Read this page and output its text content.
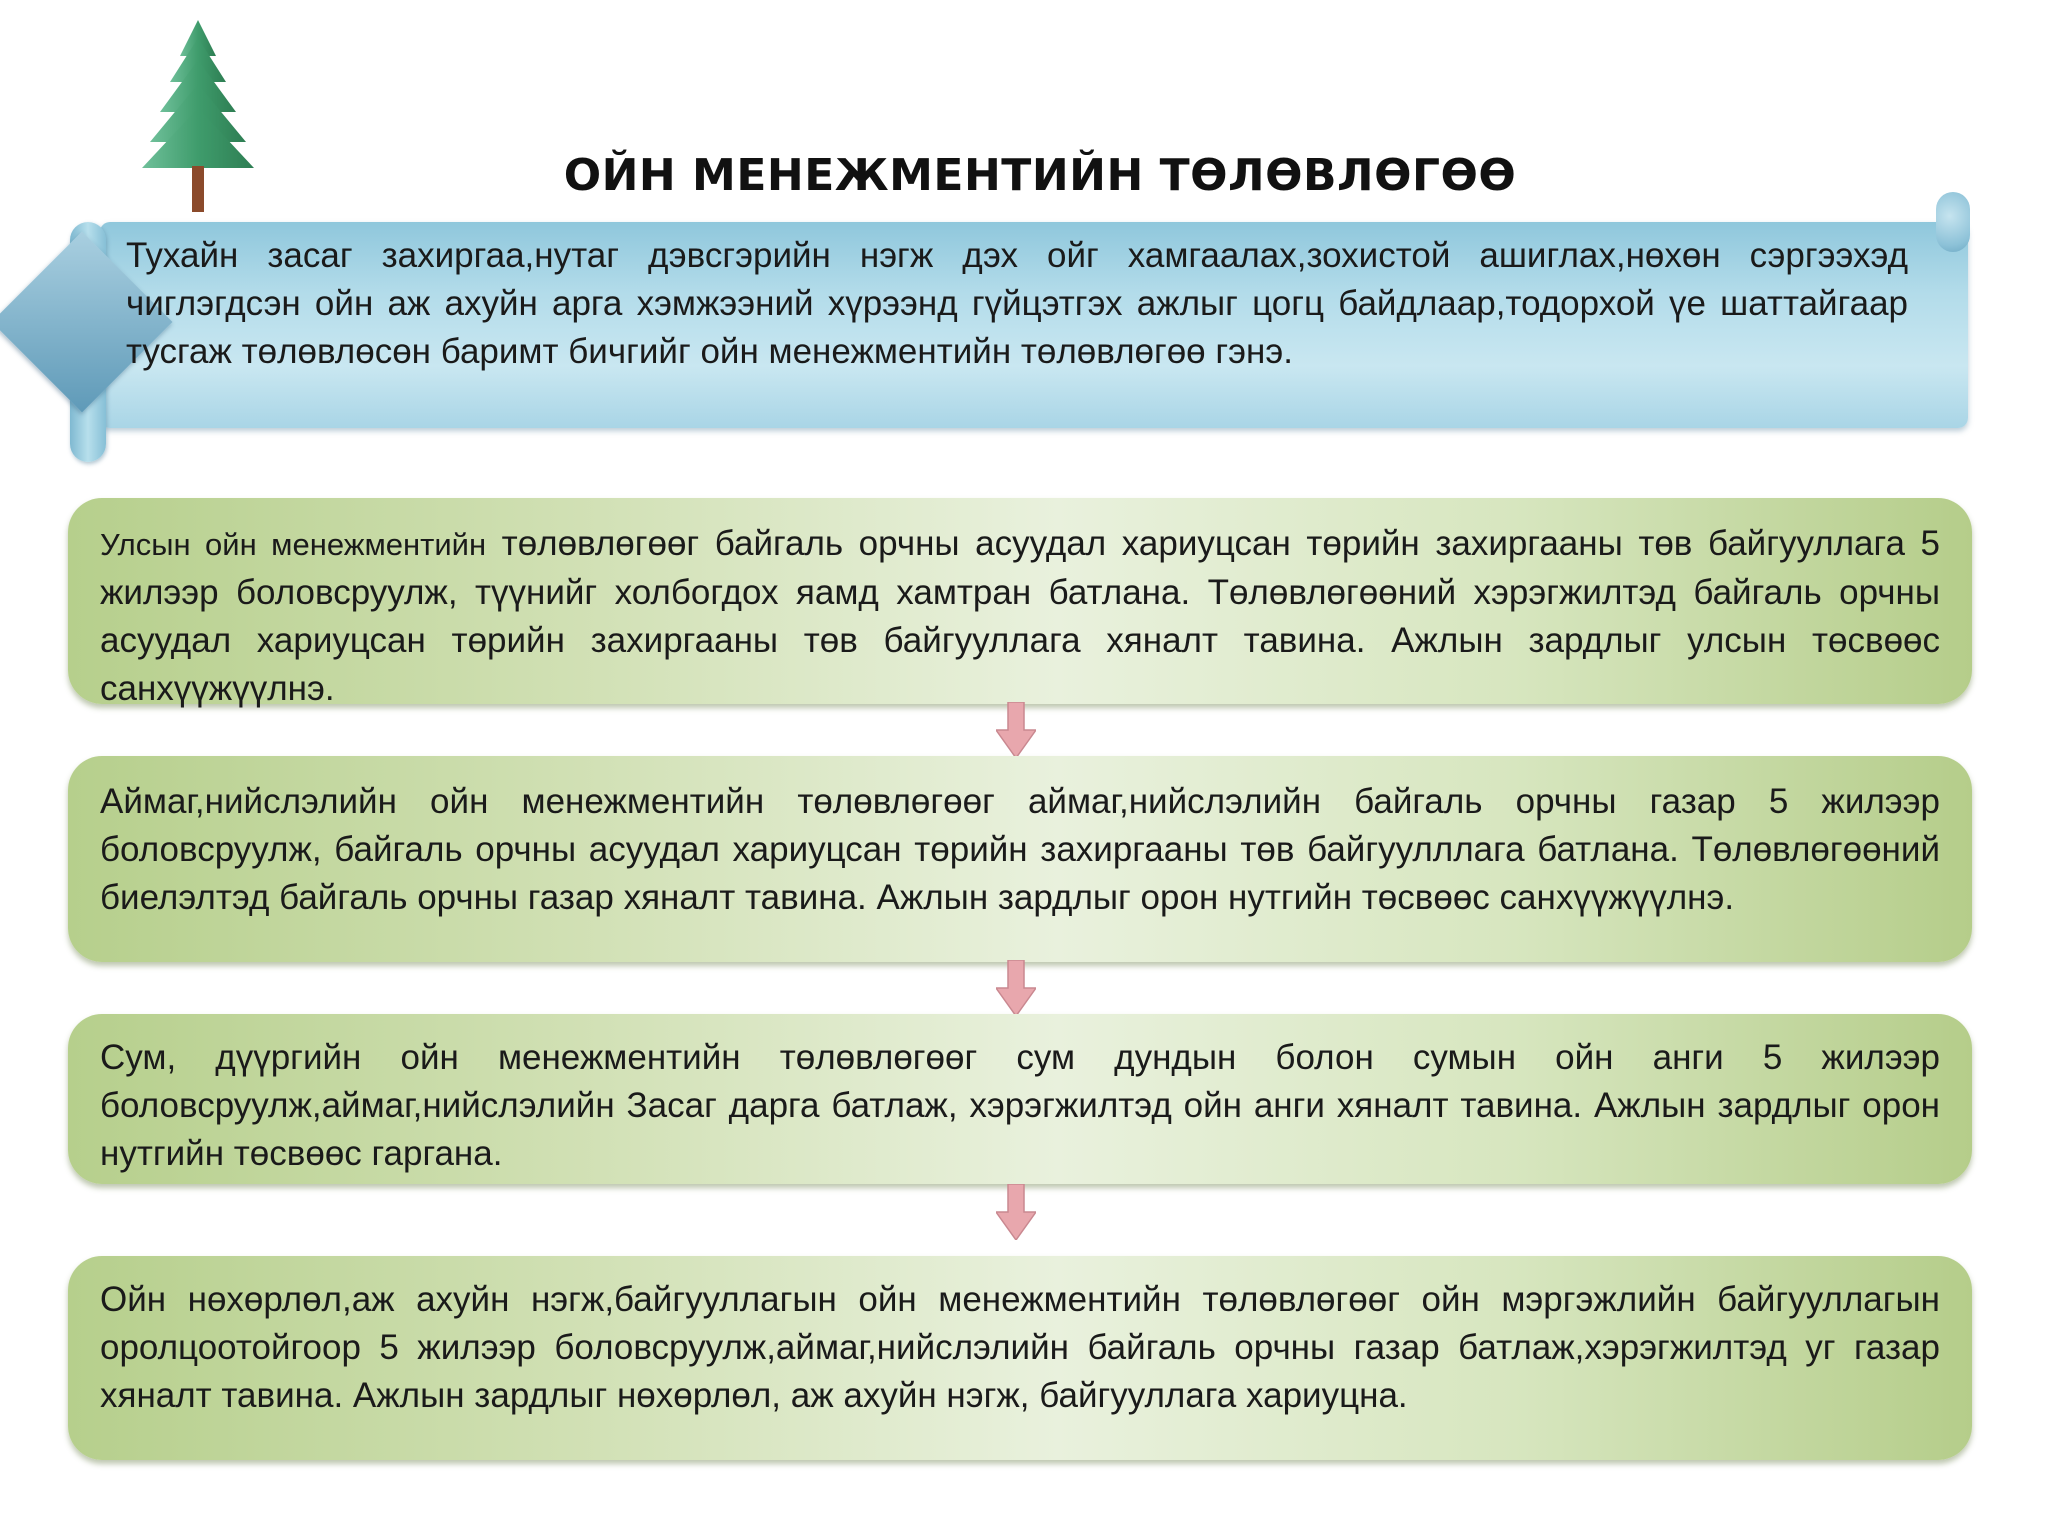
ОЙН МЕНЕЖМЕНТИЙН ТӨЛӨВЛӨГӨӨ
Тухайн засаг захиргаа,нутаг дэвсгэрийн нэгж дэх ойг хамгаалах,зохистой ашиглах,нөхөн сэргээхэд чиглэгдсэн ойн аж ахуйн арга хэмжээний хүрээнд гүйцэтгэх ажлыг цогц байдлаар,тодорхой үе шаттайгаар тусгаж төлөвлөсөн баримт бичгийг ойн менежментийн төлөвлөгөө гэнэ.
Улсын ойн менежментийн төлөвлөгөөг байгаль орчны асуудал хариуцсан төрийн захиргааны төв байгууллага 5 жилээр боловсруулж, түүнийг холбогдох яамд хамтран батлана. Төлөвлөгөөний хэрэгжилтэд байгаль орчны асуудал хариуцсан төрийн захиргааны төв байгууллага хяналт тавина. Ажлын зардлыг улсын төсвөөс санхүүжүүлнэ.
Аймаг,нийслэлийн ойн менежментийн төлөвлөгөөг аймаг,нийслэлийн байгаль орчны газар 5 жилээр боловсруулж, байгаль орчны асуудал хариуцсан төрийн захиргааны төв байгуулллага батлана. Төлөвлөгөөний биелэлтэд байгаль орчны газар хяналт тавина. Ажлын зардлыг орон нутгийн төсвөөс санхүүжүүлнэ.
Сум, дүүргийн ойн менежментийн төлөвлөгөөг сум дундын болон сумын ойн анги 5 жилээр боловсруулж,аймаг,нийслэлийн Засаг дарга батлаж, хэрэгжилтэд ойн анги хяналт тавина. Ажлын зардлыг орон нутгийн төсвөөс гаргана.
Ойн нөхөрлөл,аж ахуйн нэгж,байгууллагын ойн менежментийн төлөвлөгөөг ойн мэргэжлийн байгууллагын оролцоотойгоор 5 жилээр боловсруулж,аймаг,нийслэлийн байгаль орчны газар батлаж,хэрэгжилтэд уг газар хяналт тавина. Ажлын зардлыг нөхөрлөл, аж ахуйн нэгж, байгууллага хариуцна.
